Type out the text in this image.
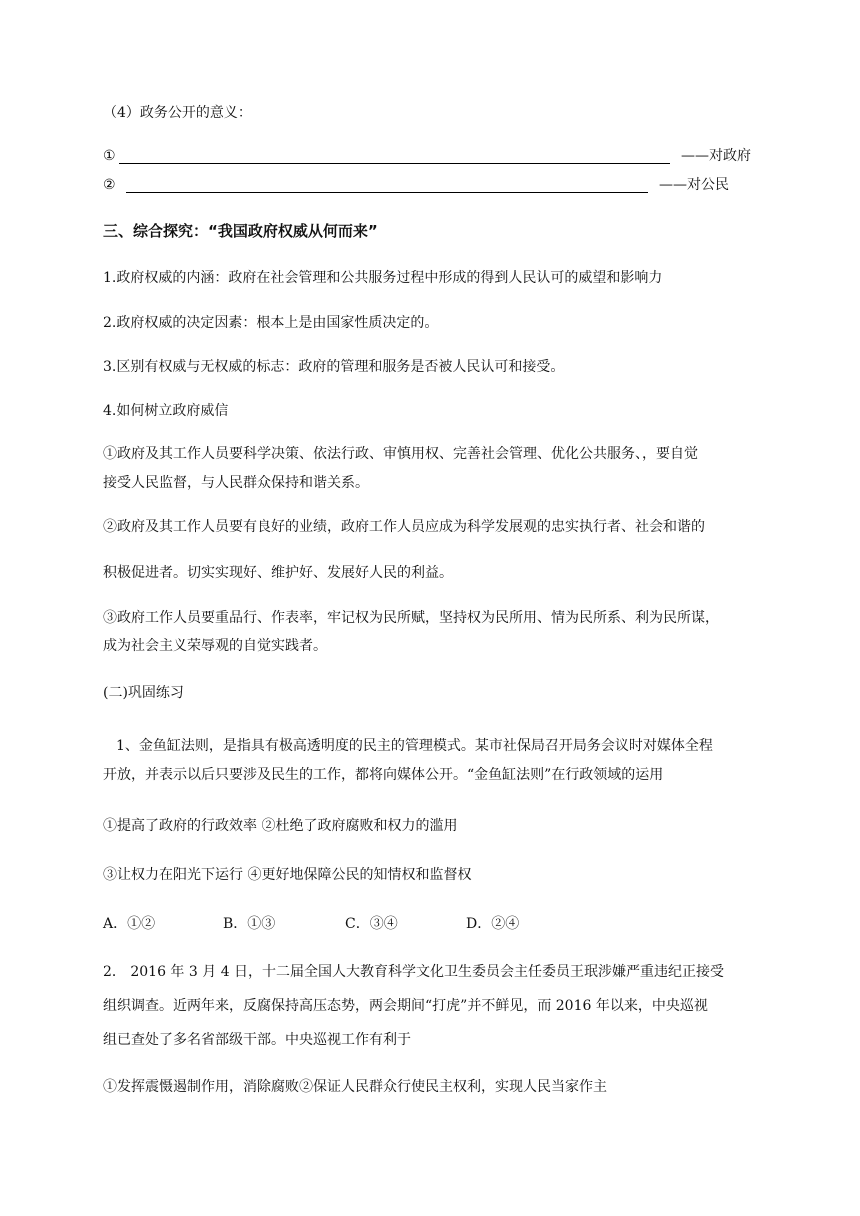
（4）政务公开的意义：
①	——对政府
②	——对公民
三、综合探究：“我国政府权威从何而来”
1.政府权威的内涵：政府在社会管理和公共服务过程中形成的得到人民认可的威望和影响力
2.政府权威的决定因素：根本上是由国家性质决定的。
3.区别有权威与无权威的标志：政府的管理和服务是否被人民认可和接受。
4.如何树立政府威信
①政府及其工作人员要科学决策、依法行政、审慎用权、完善社会管理、优化公共服务、，要自觉
接受人民监督，与人民群众保持和谐关系。
②政府及其工作人员要有良好的业绩，政府工作人员应成为科学发展观的忠实执行者、社会和谐的
积极促进者。切实实现好、维护好、发展好人民的利益。
③政府工作人员要重品行、作表率，牢记权为民所赋，坚持权为民所用、情为民所系、利为民所谋，
成为社会主义荣辱观的自觉实践者。
(二)巩固练习
1、金鱼缸法则，是指具有极高透明度的民主的管理模式。某市社保局召开局务会议时对媒体全程
开放，并表示以后只要涉及民生的工作，都将向媒体公开。“金鱼缸法则”在行政领域的运用
①提高了政府的行政效率 ②杜绝了政府腐败和权力的滥用
③让权力在阳光下运行 ④更好地保障公民的知情权和监督权
A．①②	B．①③	C．③④	D．②④
2． 2016 年 3 月 4 日，十二届全国人大教育科学文化卫生委员会主任委员王珉涉嫌严重违纪正接受
组织调查。近两年来，反腐保持高压态势，两会期间“打虎”并不鲜见，而 2016 年以来，中央巡视
组已查处了多名省部级干部。中央巡视工作有利于
①发挥震慑遏制作用，消除腐败②保证人民群众行使民主权利，实现人民当家作主
